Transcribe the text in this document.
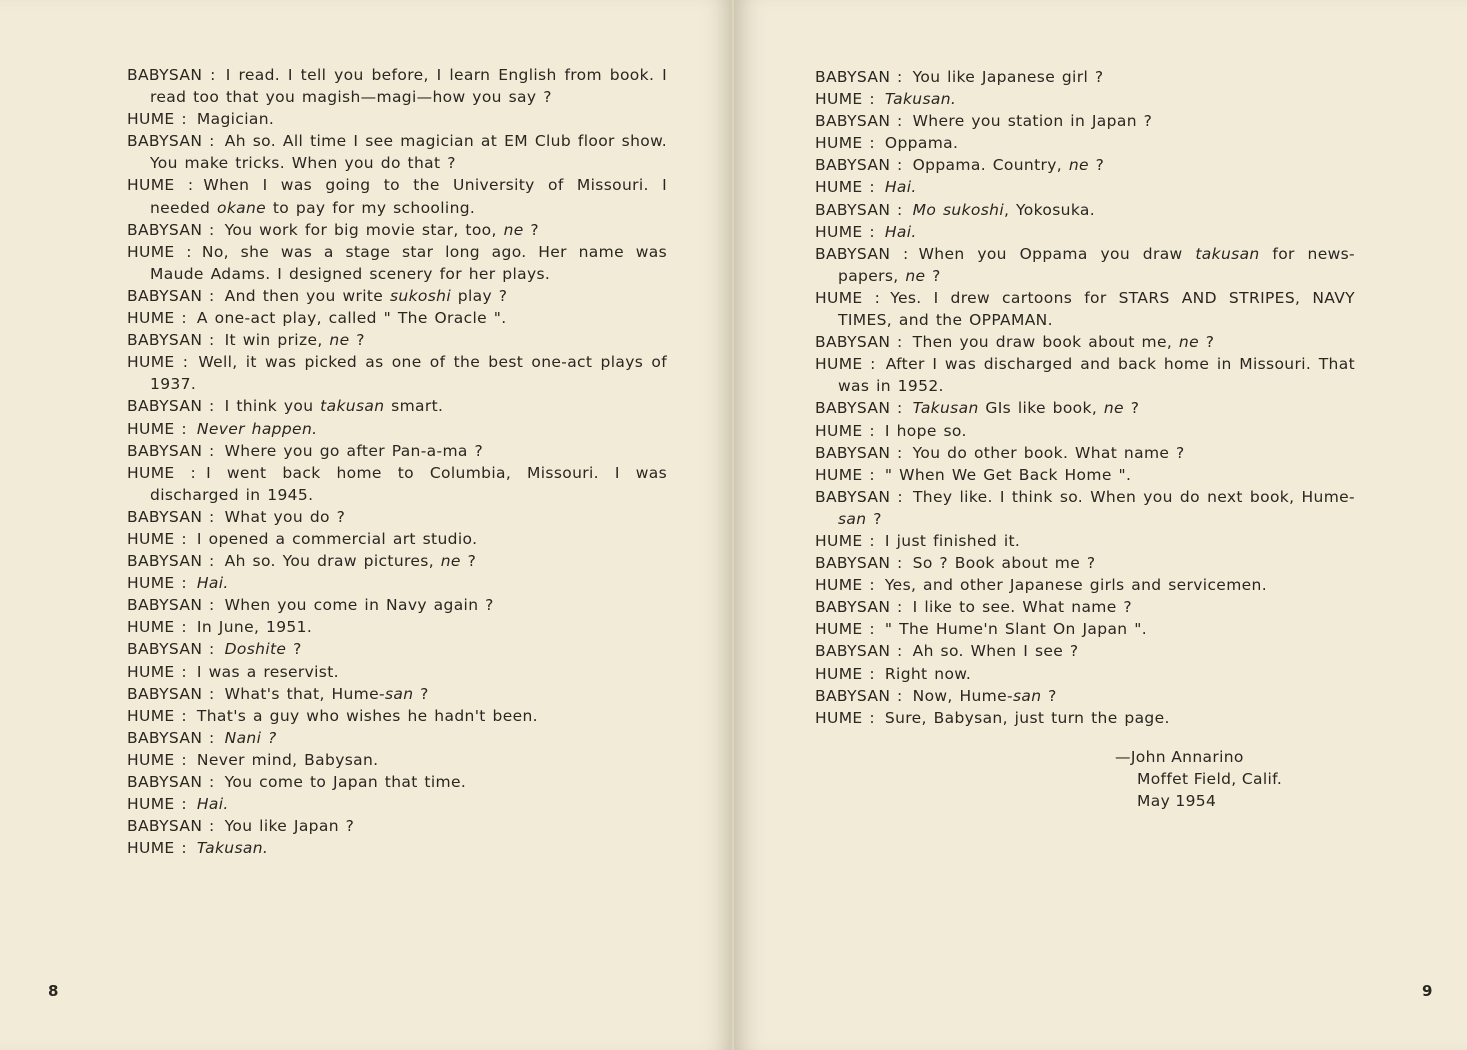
8	9
BABYSAN : I read. I tell you before, I learn English from book. I read too that you magish—magi—how you say ?
HUME : Magician.
BABYSAN : Ah so. All time I see magician at EM Club floor show. You make tricks. When you do that ?
HUME : When I was going to the University of Missouri. I needed okane to pay for my schooling.
BABYSAN : You work for big movie star, too, ne ?
HUME : No, she was a stage star long ago. Her name was Maude Adams. I designed scenery for her plays.
BABYSAN : And then you write sukoshi play ?
HUME : A one-act play, called " The Oracle ".
BABYSAN : It win prize, ne ?
HUME : Well, it was picked as one of the best one-act plays of 1937.
BABYSAN : I think you takusan smart.
HUME : Never happen.
BABYSAN : Where you go after Pan-a-ma ?
HUME : I went back home to Columbia, Missouri. I was discharged in 1945.
BABYSAN : What you do ?
HUME : I opened a commercial art studio.
BABYSAN : Ah so. You draw pictures, ne ?
HUME : Hai.
BABYSAN : When you come in Navy again ?
HUME : In June, 1951.
BABYSAN : Doshite ?
HUME : I was a reservist.
BABYSAN : What's that, Hume-san ?
HUME : That's a guy who wishes he hadn't been.
BABYSAN : Nani ?
HUME : Never mind, Babysan.
BABYSAN : You come to Japan that time.
HUME : Hai.
BABYSAN : You like Japan ?
HUME : Takusan.
BABYSAN : You like Japanese girl ?
HUME : Takusan.
BABYSAN : Where you station in Japan ?
HUME : Oppama.
BABYSAN : Oppama. Country, ne ?
HUME : Hai.
BABYSAN : Mo sukoshi, Yokosuka.
HUME : Hai.
BABYSAN : When you Oppama you draw takusan for news-papers, ne ?
HUME : Yes. I drew cartoons for STARS AND STRIPES, NAVY TIMES, and the OPPAMAN.
BABYSAN : Then you draw book about me, ne ?
HUME : After I was discharged and back home in Missouri. That was in 1952.
BABYSAN : Takusan GIs like book, ne ?
HUME : I hope so.
BABYSAN : You do other book. What name ?
HUME : " When We Get Back Home ".
BABYSAN : They like. I think so. When you do next book, Hume-san ?
HUME : I just finished it.
BABYSAN : So ? Book about me ?
HUME : Yes, and other Japanese girls and servicemen.
BABYSAN : I like to see. What name ?
HUME : " The Hume'n Slant On Japan ".
BABYSAN : Ah so. When I see ?
HUME : Right now.
BABYSAN : Now, Hume-san ?
HUME : Sure, Babysan, just turn the page.
—John Annarino
Moffet Field, Calif.
May 1954
